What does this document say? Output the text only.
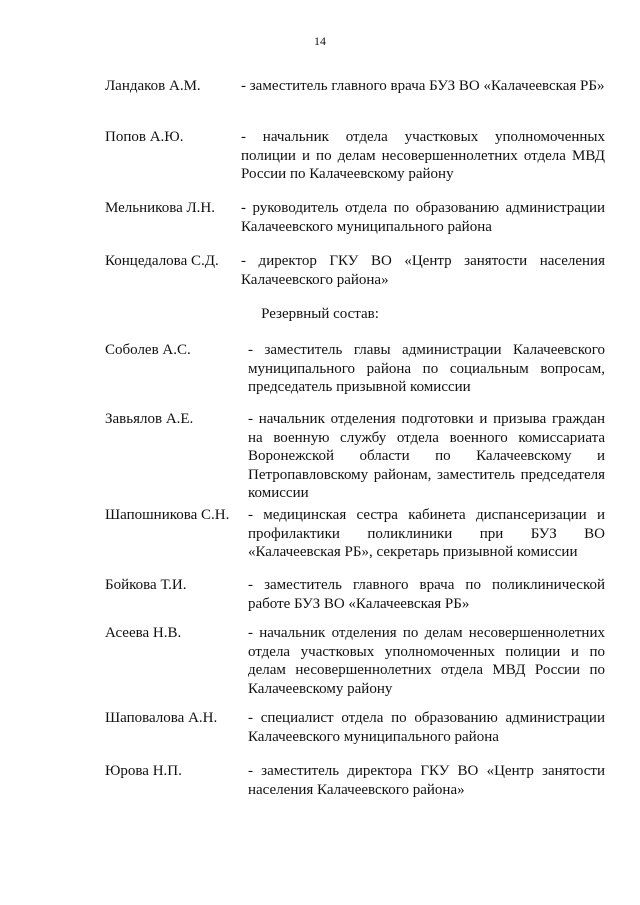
14
Ландаков А.М.	- заместитель главного врача БУЗ ВО «Калачеевская РБ»
Попов А.Ю.	- начальник отдела участковых уполномоченных полиции и по делам несовершеннолетних отдела МВД России по Калачеевскому району
Мельникова Л.Н. - руководитель отдела по образованию администрации Калачеевского муниципального района
Концедалова С.Д. - директор ГКУ ВО «Центр занятости населения Калачеевского района»
Резервный состав:
Соболев А.С.	- заместитель главы администрации Калачеевского муниципального района по социальным вопросам, председатель призывной комиссии
Завьялов А.Е.	- начальник отделения подготовки и призыва граждан на военную службу отдела военного комиссариата Воронежской области по Калачеевскому и Петропавловскому районам, заместитель председателя комиссии
Шапошникова С.Н. - медицинская сестра кабинета диспансеризации и профилактики поликлиники при БУЗ ВО «Калачеевская РБ», секретарь призывной комиссии
Бойкова Т.И.	- заместитель главного врача по поликлинической работе БУЗ ВО «Калачеевская РБ»
Асеева Н.В.	- начальник отделения по делам несовершеннолетних отдела участковых уполномоченных полиции и по делам несовершеннолетних отдела МВД России по Калачеевскому району
Шаповалова А.Н. - специалист отдела по образованию администрации Калачеевского муниципального района
Юрова Н.П.	- заместитель директора ГКУ ВО «Центр занятости населения Калачеевского района»
